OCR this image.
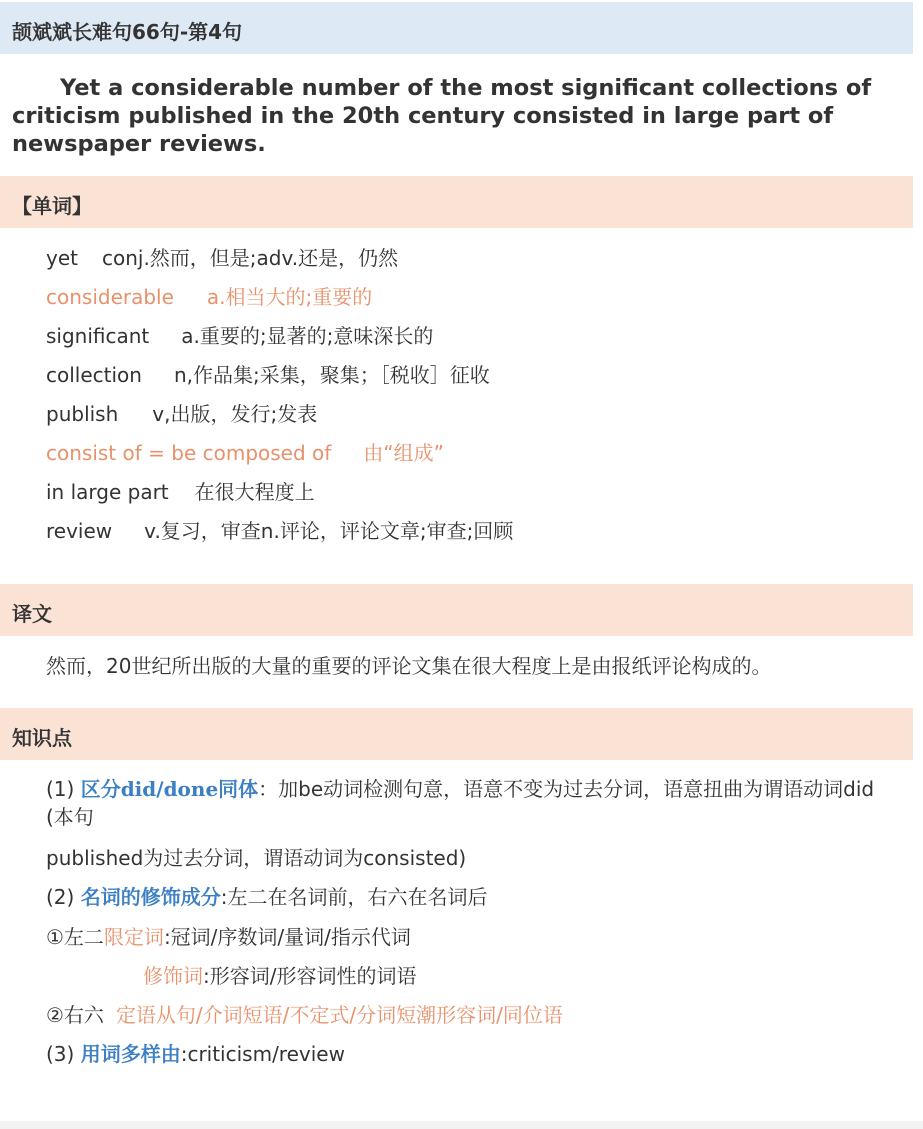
颉斌斌长难句66句-第4句
Yet a considerable number of the most significant collections of criticism published in the 20th century consisted in large part of newspaper reviews.
【单词】
yet conj.然而，但是;adv.还是，仍然
considerable a.相当大的;重要的
significant a.重要的;显著的;意味深长的
collection n,作品集;采集，聚集；［税收］征收
publish v,出版，发行;发表
consist of = be composed of 由“组成”
in large part 在很大程度上
review v.复习，审查n.评论，评论文章;审查;回顾
译文
然而，20世纪所出版的大量的重要的评论文集在很大程度上是由报纸评论构成的。
知识点
(1) 区分did/done同体：加be动词检测句意，语意不变为过去分词，语意扭曲为谓语动词did (本句
published为过去分词，谓语动词为consisted)
(2) 名词的修饰成分:左二在名词前，右六在名词后
①左二限定词:冠词/序数词/量词/指示代词
修饰词:形容词/形容词性的词语
②右六 定语从句/介词短语/不定式/分词短潮形容词/同位语
(3) 用词多样由:criticism/review
